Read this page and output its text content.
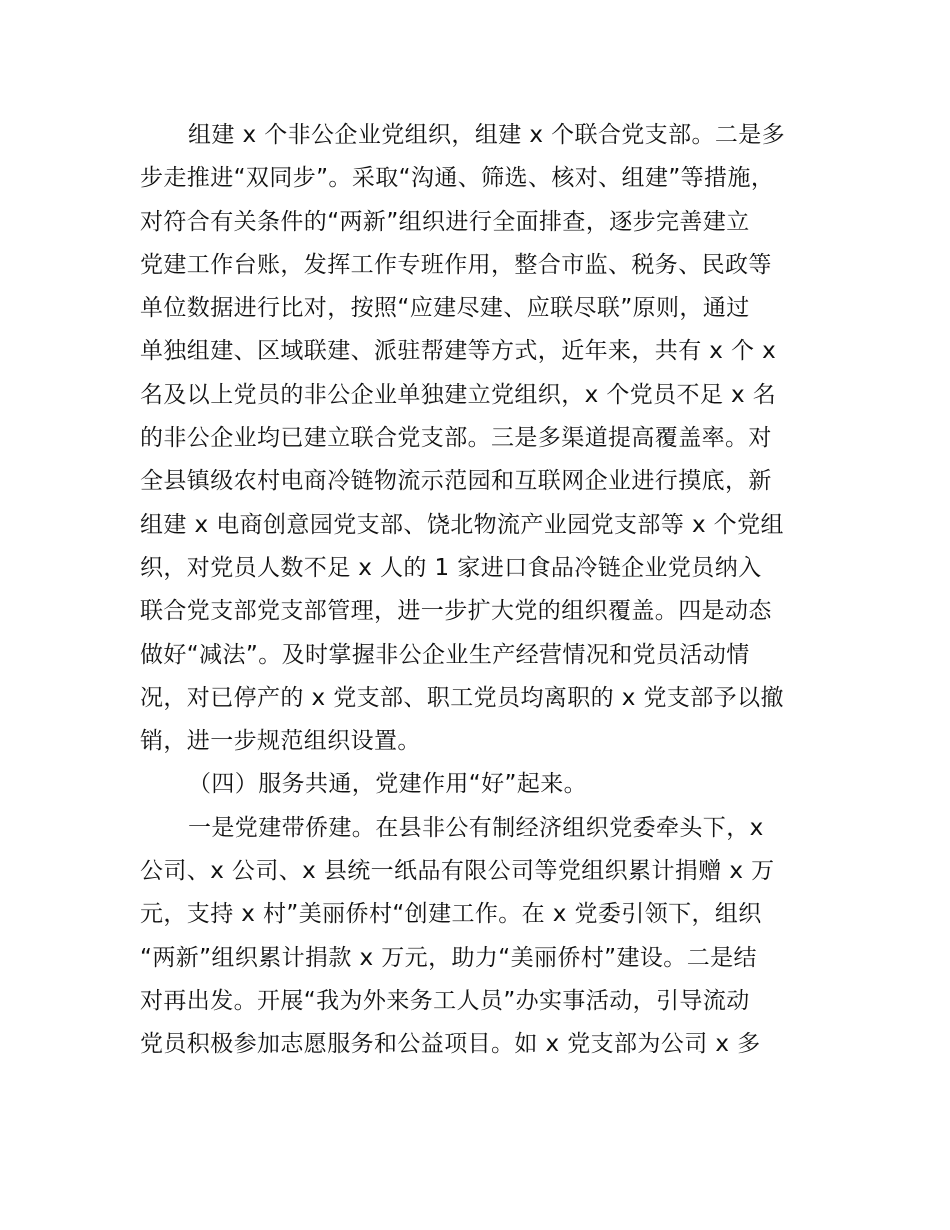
组建 x 个非公企业党组织，组建 x 个联合党支部。二是多
步走推进“双同步”。采取“沟通、筛选、核对、组建”等措施，
对符合有关条件的“两新”组织进行全面排查，逐步完善建立
党建工作台账，发挥工作专班作用，整合市监、税务、民政等
单位数据进行比对，按照“应建尽建、应联尽联”原则，通过
单独组建、区域联建、派驻帮建等方式，近年来，共有 x 个 x
名及以上党员的非公企业单独建立党组织，x 个党员不足 x 名
的非公企业均已建立联合党支部。三是多渠道提高覆盖率。对
全县镇级农村电商冷链物流示范园和互联网企业进行摸底，新
组建 x 电商创意园党支部、饶北物流产业园党支部等 x 个党组
织，对党员人数不足 x 人的 1 家进口食品冷链企业党员纳入
联合党支部党支部管理，进一步扩大党的组织覆盖。四是动态
做好“减法”。及时掌握非公企业生产经营情况和党员活动情
况，对已停产的 x 党支部、职工党员均离职的 x 党支部予以撤
销，进一步规范组织设置。
（四）服务共通，党建作用“好”起来。
一是党建带侨建。在县非公有制经济组织党委牵头下，x
公司、x 公司、x 县统一纸品有限公司等党组织累计捐赠 x 万
元，支持 x 村”美丽侨村“创建工作。在 x 党委引领下，组织
“两新”组织累计捐款 x 万元，助力“美丽侨村”建设。二是结
对再出发。开展“我为外来务工人员”办实事活动，引导流动
党员积极参加志愿服务和公益项目。如 x 党支部为公司 x 多
